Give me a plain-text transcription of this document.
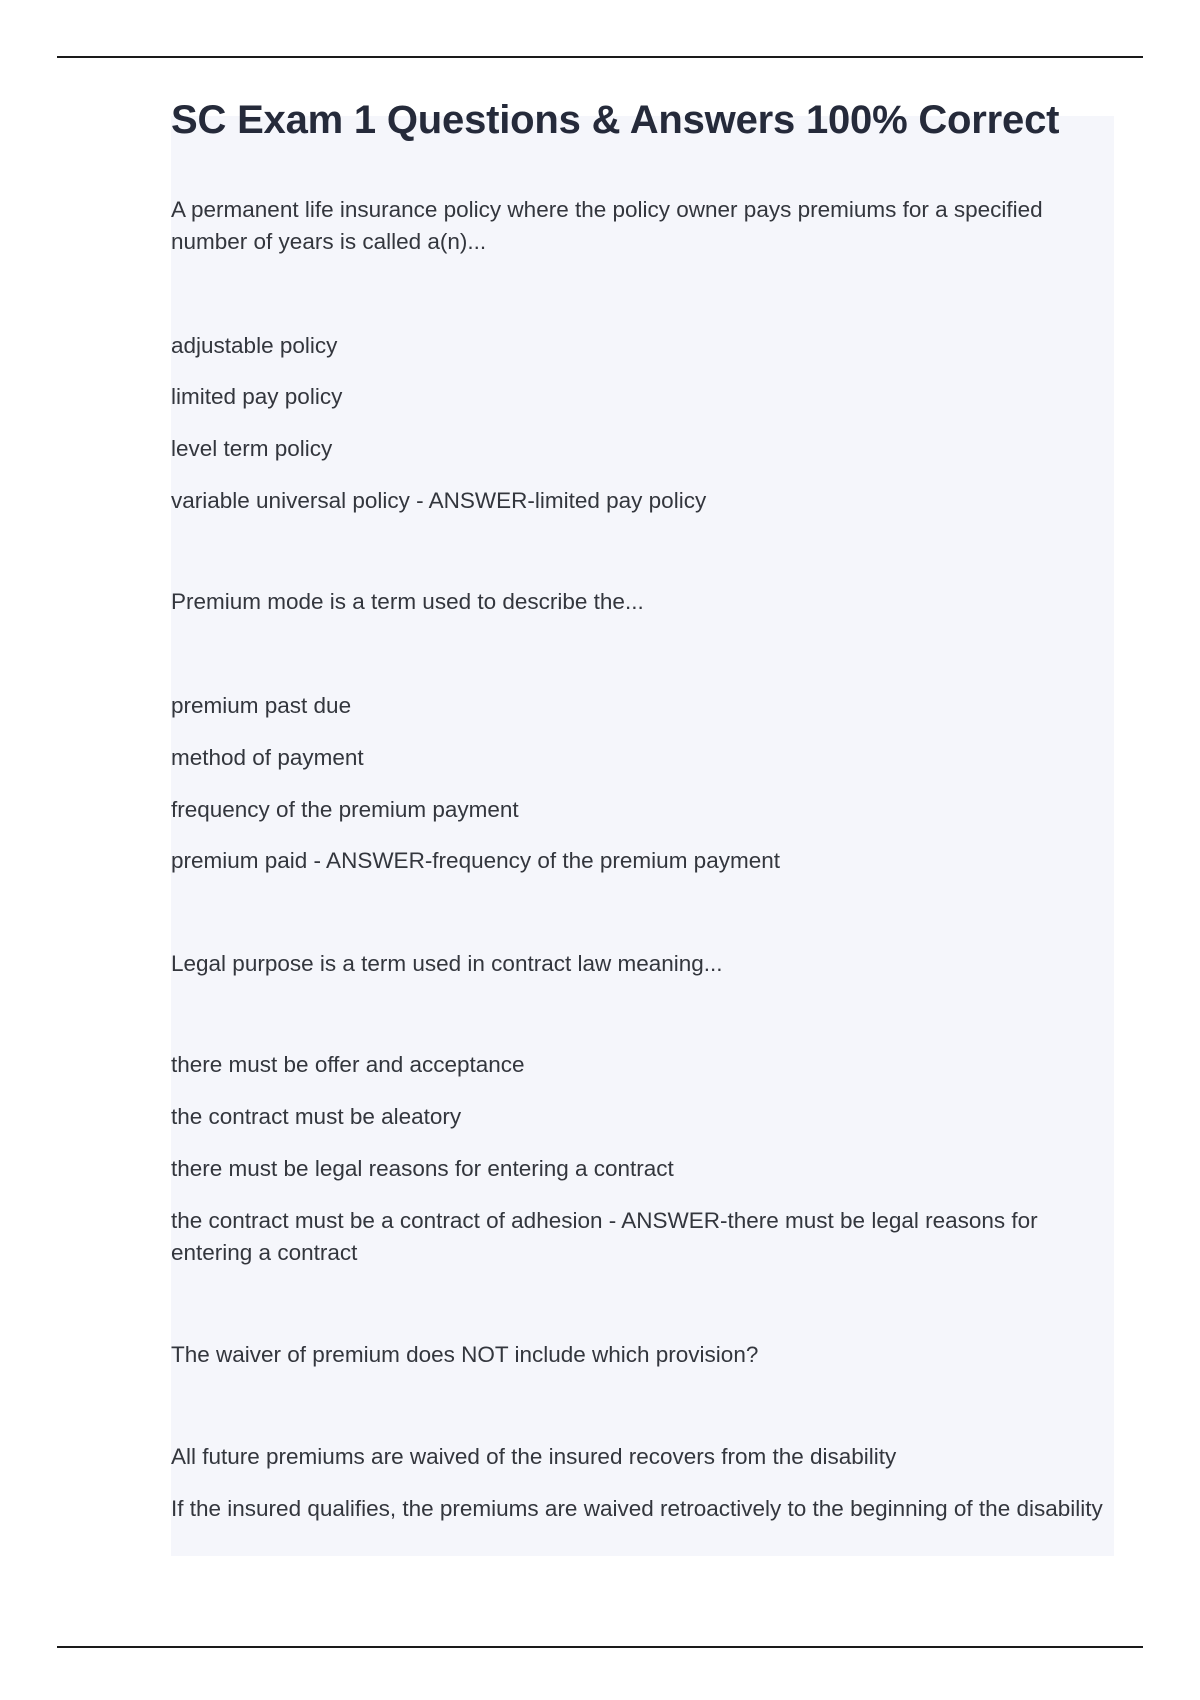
SC Exam 1 Questions & Answers 100% Correct

A permanent life insurance policy where the policy owner pays premiums for a specified number of years is called a(n)...

adjustable policy

limited pay policy

level term policy

variable universal policy - ANSWER-limited pay policy

Premium mode is a term used to describe the...

premium past due

method of payment

frequency of the premium payment

premium paid - ANSWER-frequency of the premium payment

Legal purpose is a term used in contract law meaning...

there must be offer and acceptance

the contract must be aleatory

there must be legal reasons for entering a contract

the contract must be a contract of adhesion - ANSWER-there must be legal reasons for entering a contract

The waiver of premium does NOT include which provision?

All future premiums are waived of the insured recovers from the disability

If the insured qualifies, the premiums are waived retroactively to the beginning of the disability
